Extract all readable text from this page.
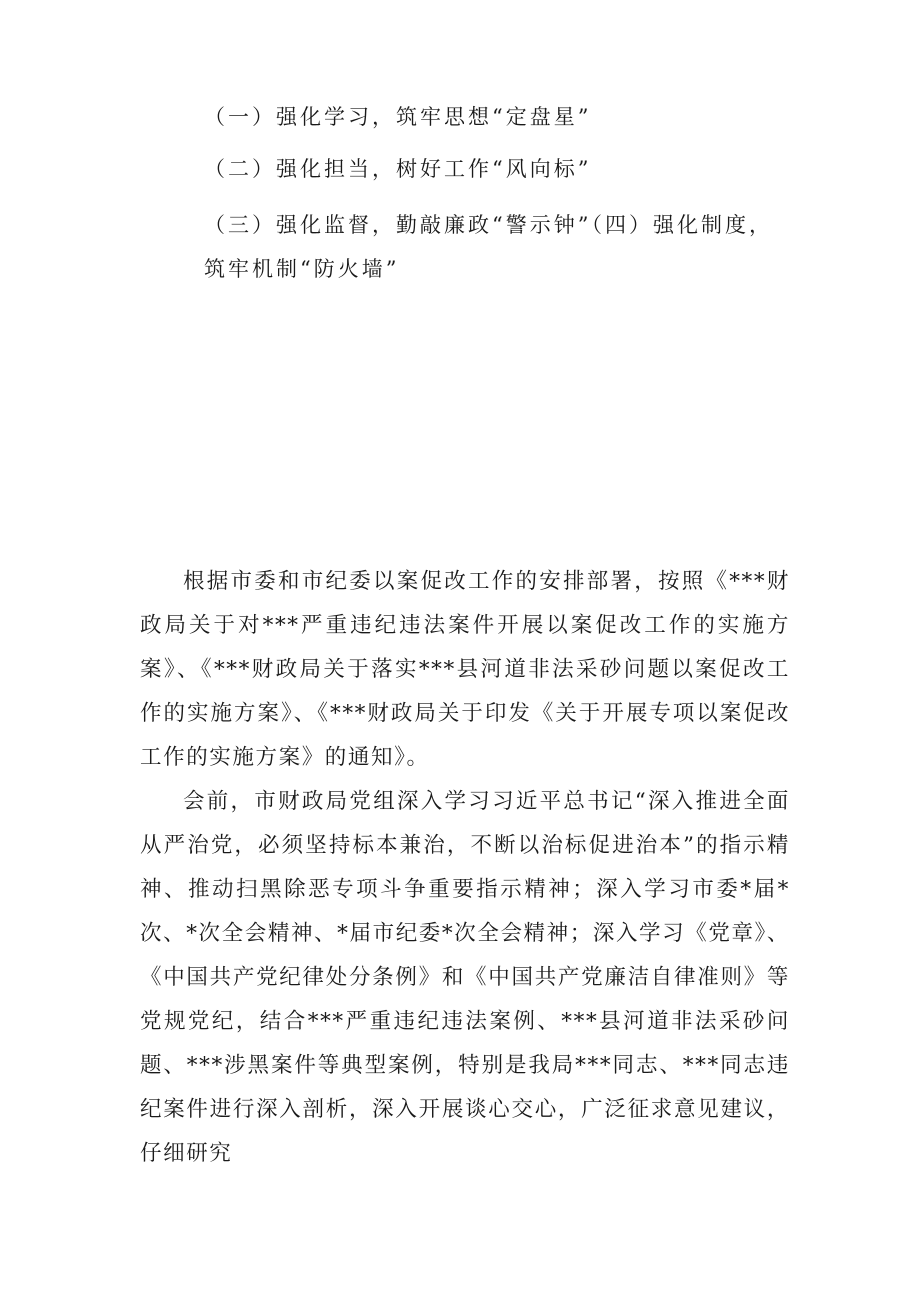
（一）强化学习，筑牢思想“定盘星”
（二）强化担当，树好工作“风向标”
（三）强化监督，勤敲廉政“警示钟”（四）强化制度，
筑牢机制“防火墙”

根据市委和市纪委以案促改工作的安排部署，按照《***财政局关于对***严重违纪违法案件开展以案促改工作的实施方案》、《***财政局关于落实***县河道非法采砂问题以案促改工作的实施方案》、《***财政局关于印发《关于开展专项以案促改工作的实施方案》的通知》。

会前，市财政局党组深入学习习近平总书记“深入推进全面从严治党，必须坚持标本兼治，不断以治标促进治本”的指示精神、推动扫黑除恶专项斗争重要指示精神；深入学习市委*届*次、*次全会精神、*届市纪委*次全会精神；深入学习《党章》、《中国共产党纪律处分条例》和《中国共产党廉洁自律准则》等党规党纪，结合***严重违纪违法案例、***县河道非法采砂问题、***涉黑案件等典型案例，特别是我局***同志、***同志违纪案件进行深入剖析，深入开展谈心交心，广泛征求意见建议，仔细研究
